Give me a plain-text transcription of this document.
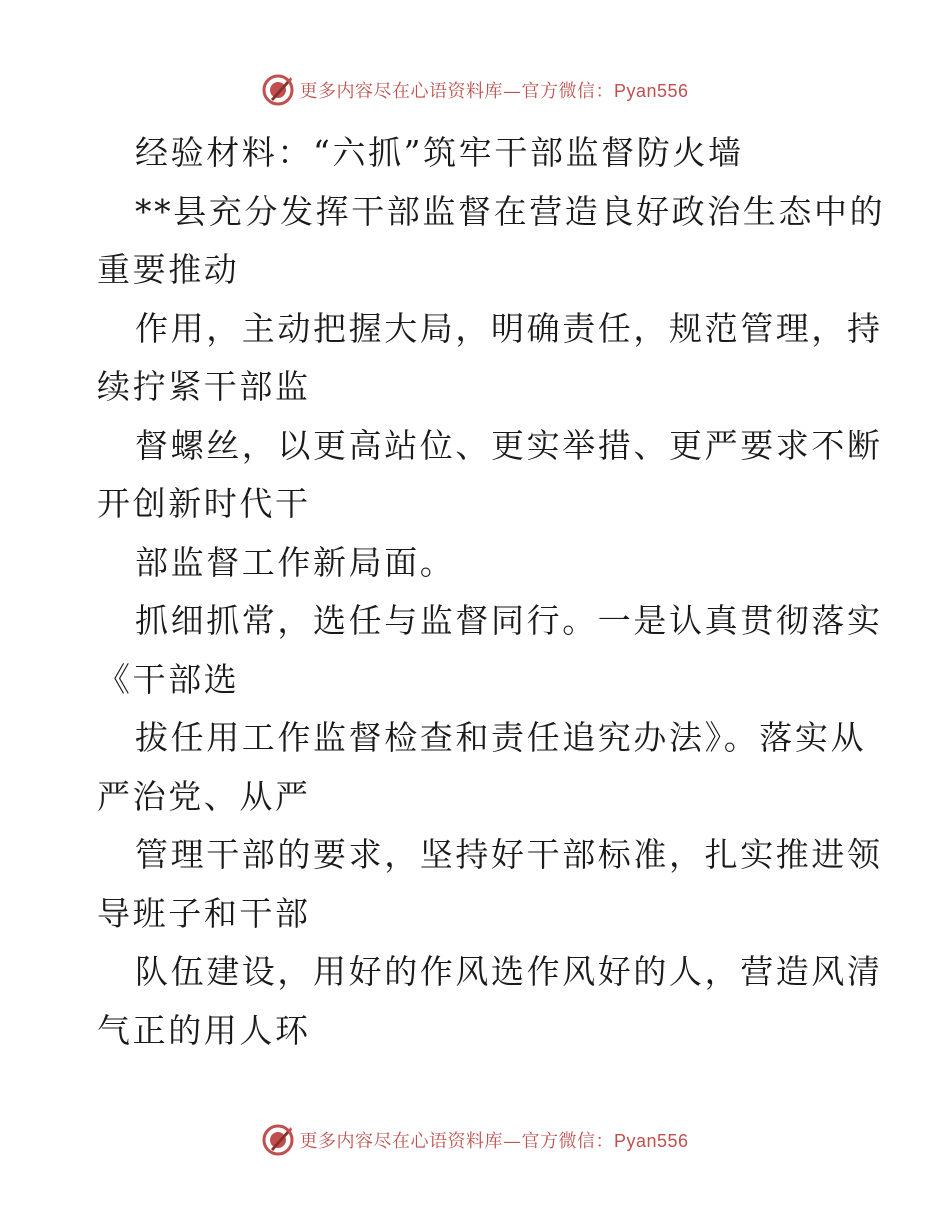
更多内容尽在心语资料库—官方微信：Pyan556
经验材料：“六抓”筑牢干部监督防火墙
**县充分发挥干部监督在营造良好政治生态中的
重要推动
作用，主动把握大局，明确责任，规范管理，持
续拧紧干部监
督螺丝，以更高站位、更实举措、更严要求不断
开创新时代干
部监督工作新局面。
抓细抓常，选任与监督同行。一是认真贯彻落实
《干部选
拔任用工作监督检查和责任追究办法》。落实从
严治党、从严
管理干部的要求，坚持好干部标准，扎实推进领
导班子和干部
队伍建设，用好的作风选作风好的人，营造风清
气正的用人环
更多内容尽在心语资料库—官方微信：Pyan556
